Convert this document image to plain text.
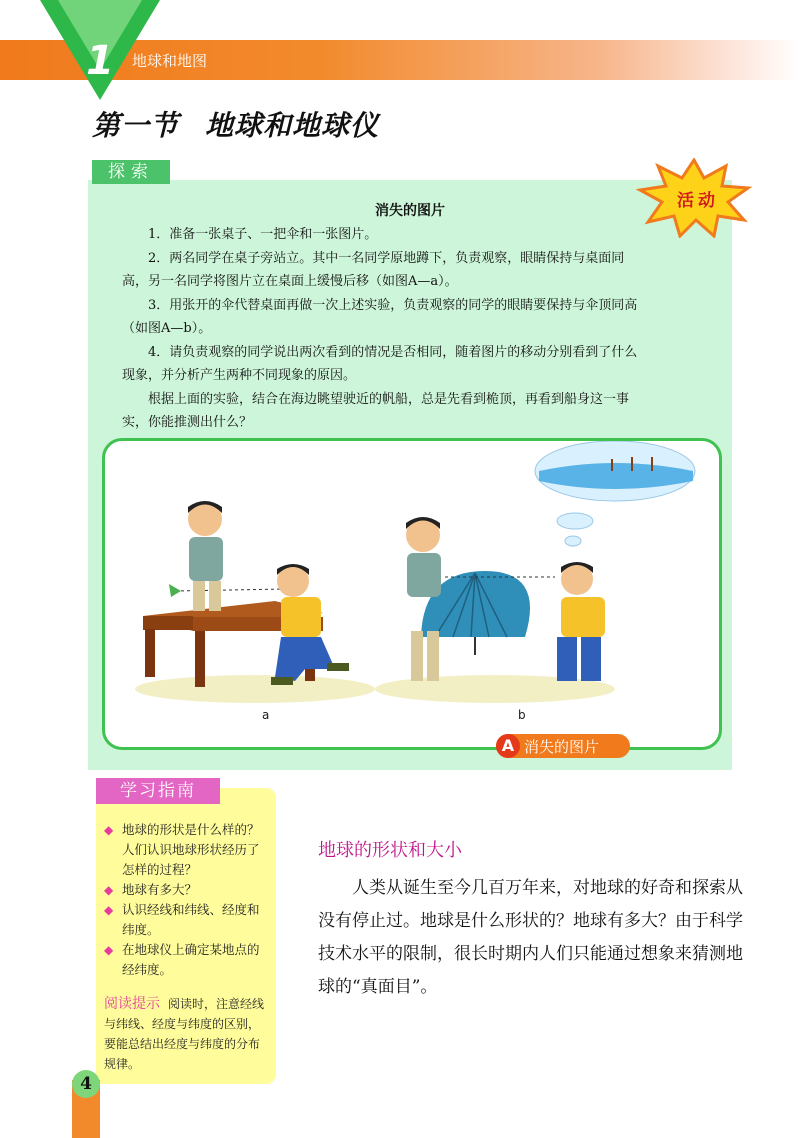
1	地球和地图
第一节 地球和地球仪
探索
活动
消失的图片

1．准备一张桌子、一把伞和一张图片。

2．两名同学在桌子旁站立。其中一名同学原地蹲下，负责观察，眼睛保持与桌面同高，另一名同学将图片立在桌面上缓慢后移（如图A—a）。

3．用张开的伞代替桌面再做一次上述实验，负责观察的同学的眼睛要保持与伞顶同高（如图A—b）。

4．请负责观察的同学说出两次看到的情况是否相同，随着图片的移动分别看到了什么现象，并分析产生两种不同现象的原因。

根据上面的实验，结合在海边眺望驶近的帆船，总是先看到桅顶，再看到船身这一事实，你能推测出什么？

a	b
A 消失的图片
学习指南
◆ 地球的形状是什么样的？人们认识地球形状经历了怎样的过程？
◆ 地球有多大？
◆ 认识经线和纬线、经度和纬度。
◆ 在地球仪上确定某地点的经纬度。
阅读提示 阅读时，注意经线与纬线、经度与纬度的区别，要能总结出经度与纬度的分布规律。
4
地球的形状和大小

人类从诞生至今几百万年来，对地球的好奇和探索从没有停止过。地球是什么形状的？地球有多大？由于科学技术水平的限制，很长时期内人们只能通过想象来猜测地球的“真面目”。
